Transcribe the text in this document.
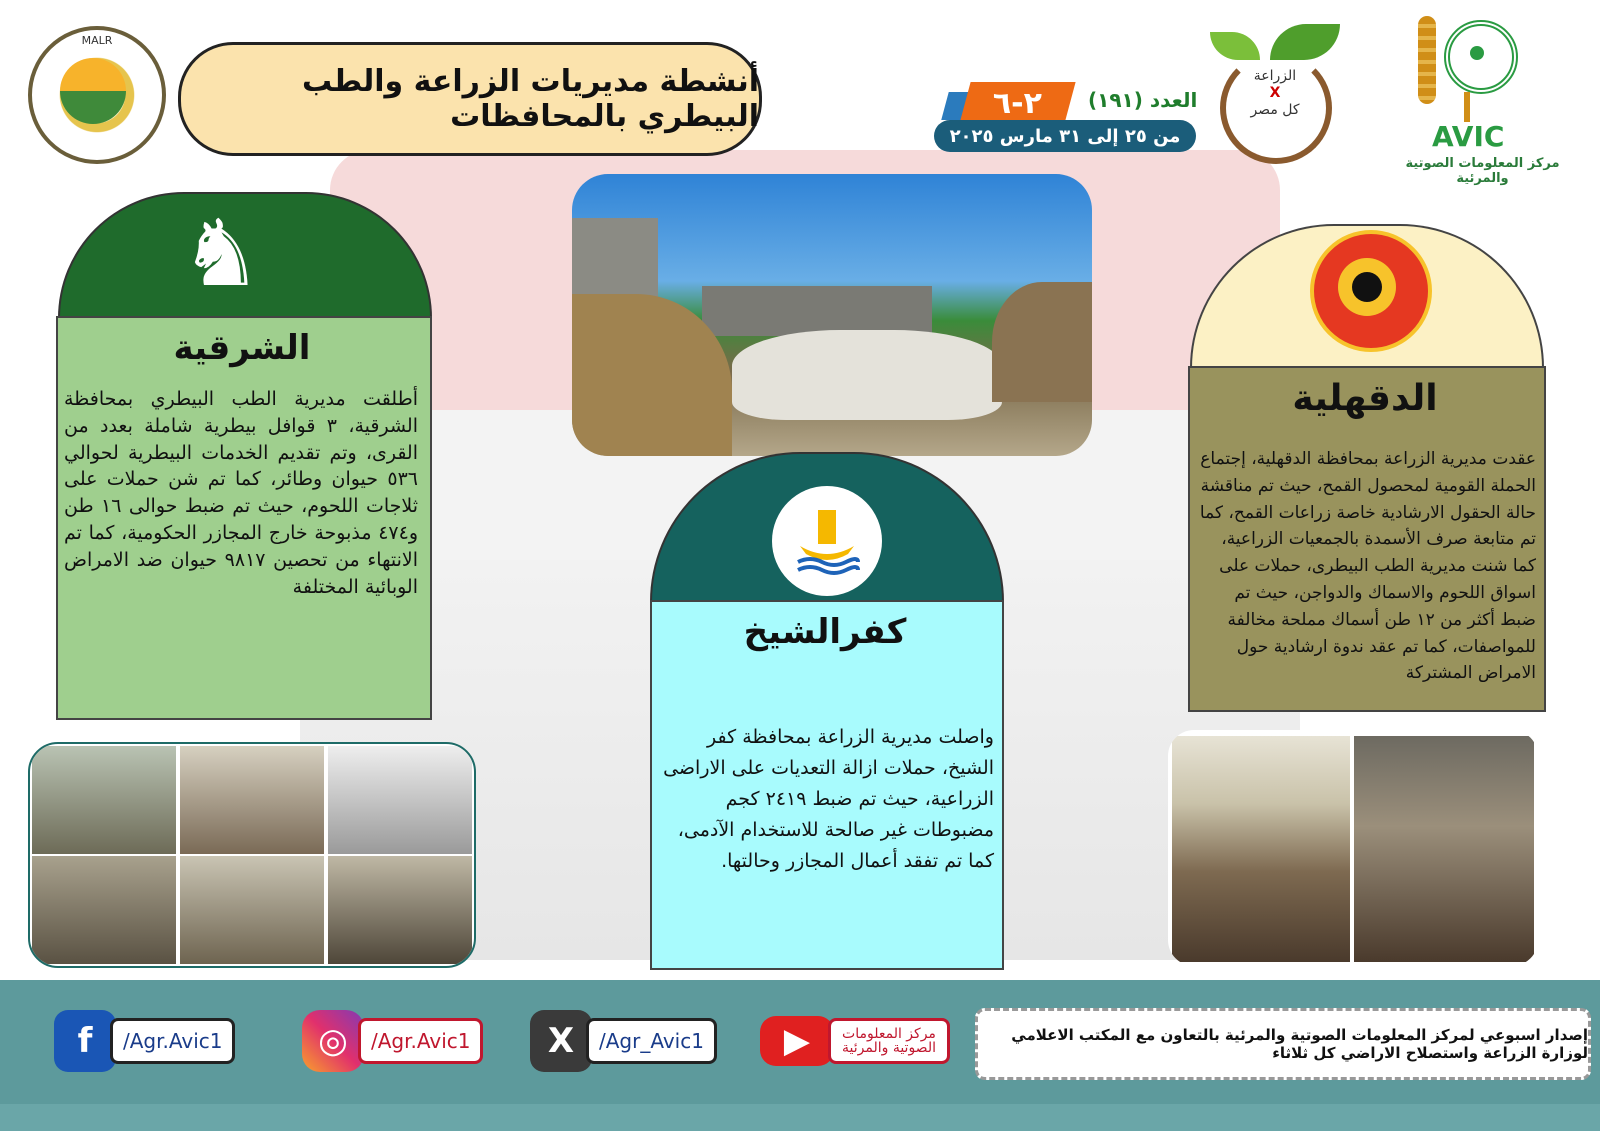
MALR
أنشطة مديريات الزراعة والطب البيطري بالمحافظات	٢-٦ العدد (١٩١)
من ٢٥ إلى ٣١ مارس ٢٠٢٥
الزراعة
X
كل مصر
AVIC
مركز المعلومات الصوتية والمرئية
♞
الشرقية
أطلقت مديرية الطب البيطري بمحافظة الشرقية، ٣ قوافل بيطرية شاملة بعدد من القرى، وتم تقديم الخدمات البيطرية لحوالي ٥٣٦ حيوان وطائر، كما تم شن حملات على ثلاجات اللحوم، حيث تم ضبط حوالى ١٦ طن و٤٧٤ مذبوحة خارج المجازر الحكومية، كما تم الانتهاء من تحصين ٩٨١٧ حيوان ضد الامراض الوبائية المختلفة
كفرالشيخ
واصلت مديرية الزراعة بمحافظة كفر الشيخ، حملات ازالة التعديات على الاراضى الزراعية، حيث تم ضبط ٢٤١٩ كجم مضبوطات غير صالحة للاستخدام الآدمى، كما تم تفقد أعمال المجازر وحالتها.
الدقهلية
عقدت مديرية الزراعة بمحافظة الدقهلية، إجتماع الحملة القومية لمحصول القمح، حيث تم مناقشة حالة الحقول الارشادية خاصة زراعات القمح، كما تم متابعة صرف الأسمدة بالجمعيات الزراعية، كما شنت مديرية الطب البيطرى، حملات على اسواق اللحوم والاسماك والدواجن، حيث تم ضبط أكثر من ١٢ طن أسماك مملحة مخالفة للمواصفات، كما تم عقد ندوة ارشادية حول الامراض المشتركة
f	/Agr.Avic1	◎	/Agr.Avic1	X	/Agr_Avic1	▶	مركز المعلومات الصوتية والمرئية
إصدار اسبوعي لمركز المعلومات الصوتية والمرئية بالتعاون مع المكتب الاعلامي لوزارة الزراعة واستصلاح الاراضي كل ثلاثاء
